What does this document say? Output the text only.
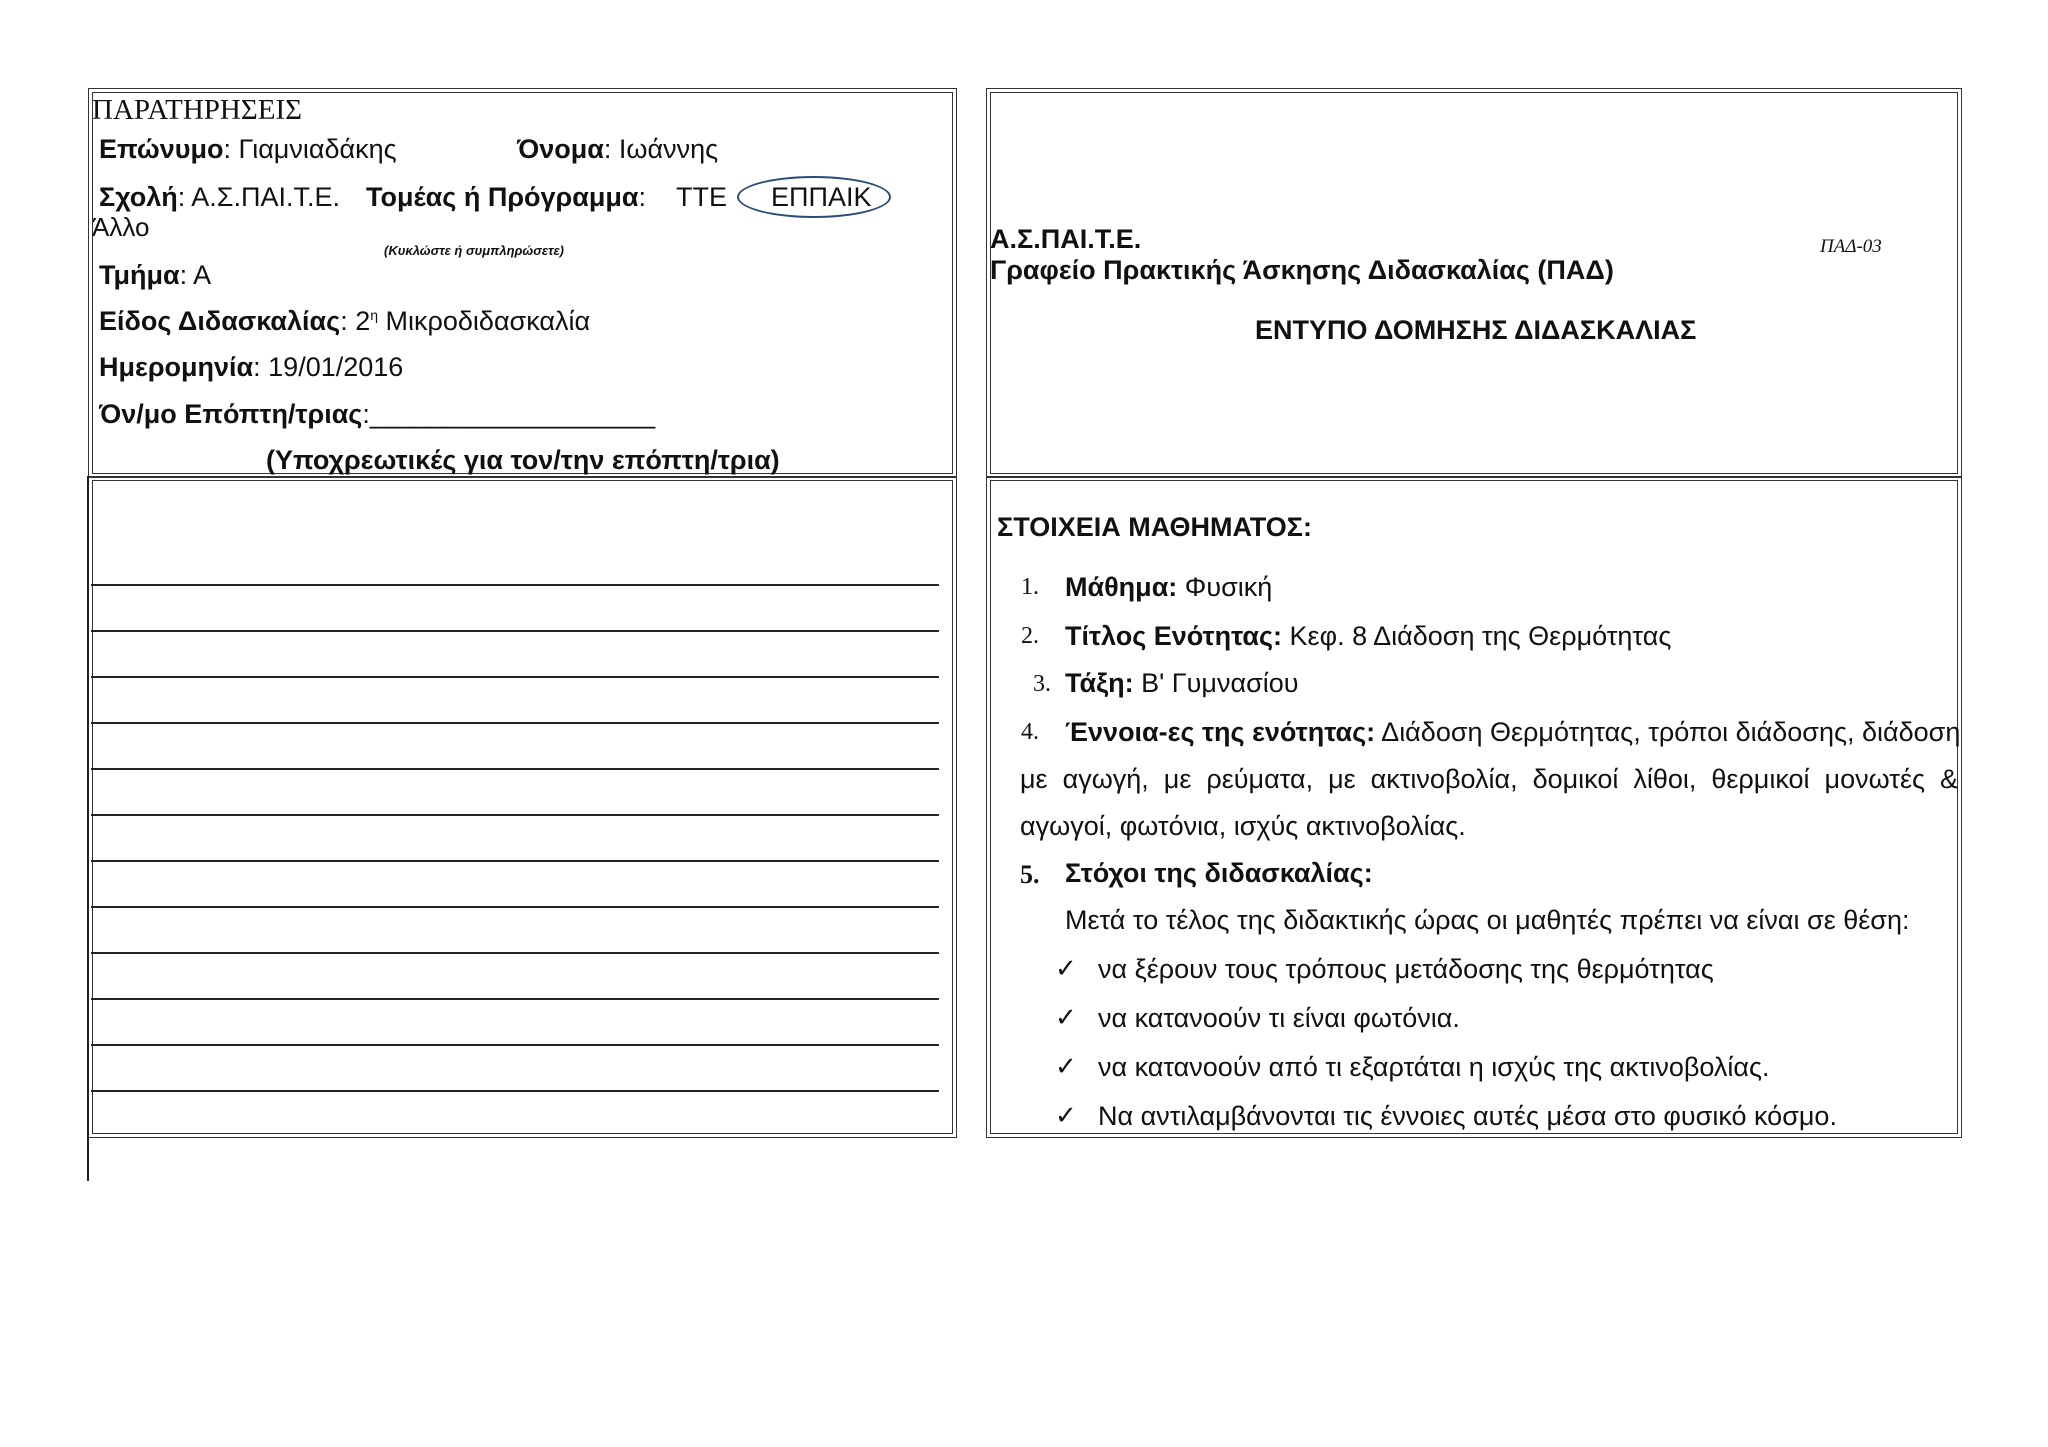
ΠΑΡΑΤΗΡΗΣΕΙΣ
Επώνυμο: Γιαμνιαδάκης	Όνομα: Ιωάννης
Σχολή: Α.Σ.ΠΑΙ.Τ.Ε. Τομέας ή Πρόγραμμα: ΤΤΕ ΕΠΠΑΙΚ
Άλλο
(Κυκλώστε ή συμπληρώσετε)
Τμήμα: Α
Είδος Διδασκαλίας: $2^\eta$ Μικροδιδασκαλία
Ημερομηνία: 19/01/2016
Όν/μο Επόπτη/τριας:___________________
(Υποχρεωτικές για τον/την επόπτη/τρια)
Α.Σ.ΠΑΙ.Τ.Ε.
Γραφείο Πρακτικής Άσκησης Διδασκαλίας (ΠΑΔ)
ΠΑΔ-03
ΕΝΤΥΠΟ ΔΟΜΗΣΗΣ ΔΙΔΑΣΚΑΛΙΑΣ
ΣΤΟΙΧΕΙΑ ΜΑΘΗΜΑΤΟΣ:
1. Μάθημα: Φυσική
2. Τίτλος Ενότητας: Κεφ. 8 Διάδοση της Θερμότητας
3. Τάξη: Β' Γυμνασίου
4. Έννοια-ες της ενότητας: Διάδοση Θερμότητας, τρόποι διάδοσης, διάδοση
με αγωγή, με ρεύματα, με ακτινοβολία, δομικοί λίθοι, θερμικοί μονωτές &
αγωγοί, φωτόνια, ισχύς ακτινοβολίας.
5. Στόχοι της διδασκαλίας:
Μετά το τέλος της διδακτικής ώρας οι μαθητές πρέπει να είναι σε θέση:
✓ να ξέρουν τους τρόπους μετάδοσης της θερμότητας
✓ να κατανοούν τι είναι φωτόνια.
✓ να κατανοούν από τι εξαρτάται η ισχύς της ακτινοβολίας.
✓ Να αντιλαμβάνονται τις έννοιες αυτές μέσα στο φυσικό κόσμο.
